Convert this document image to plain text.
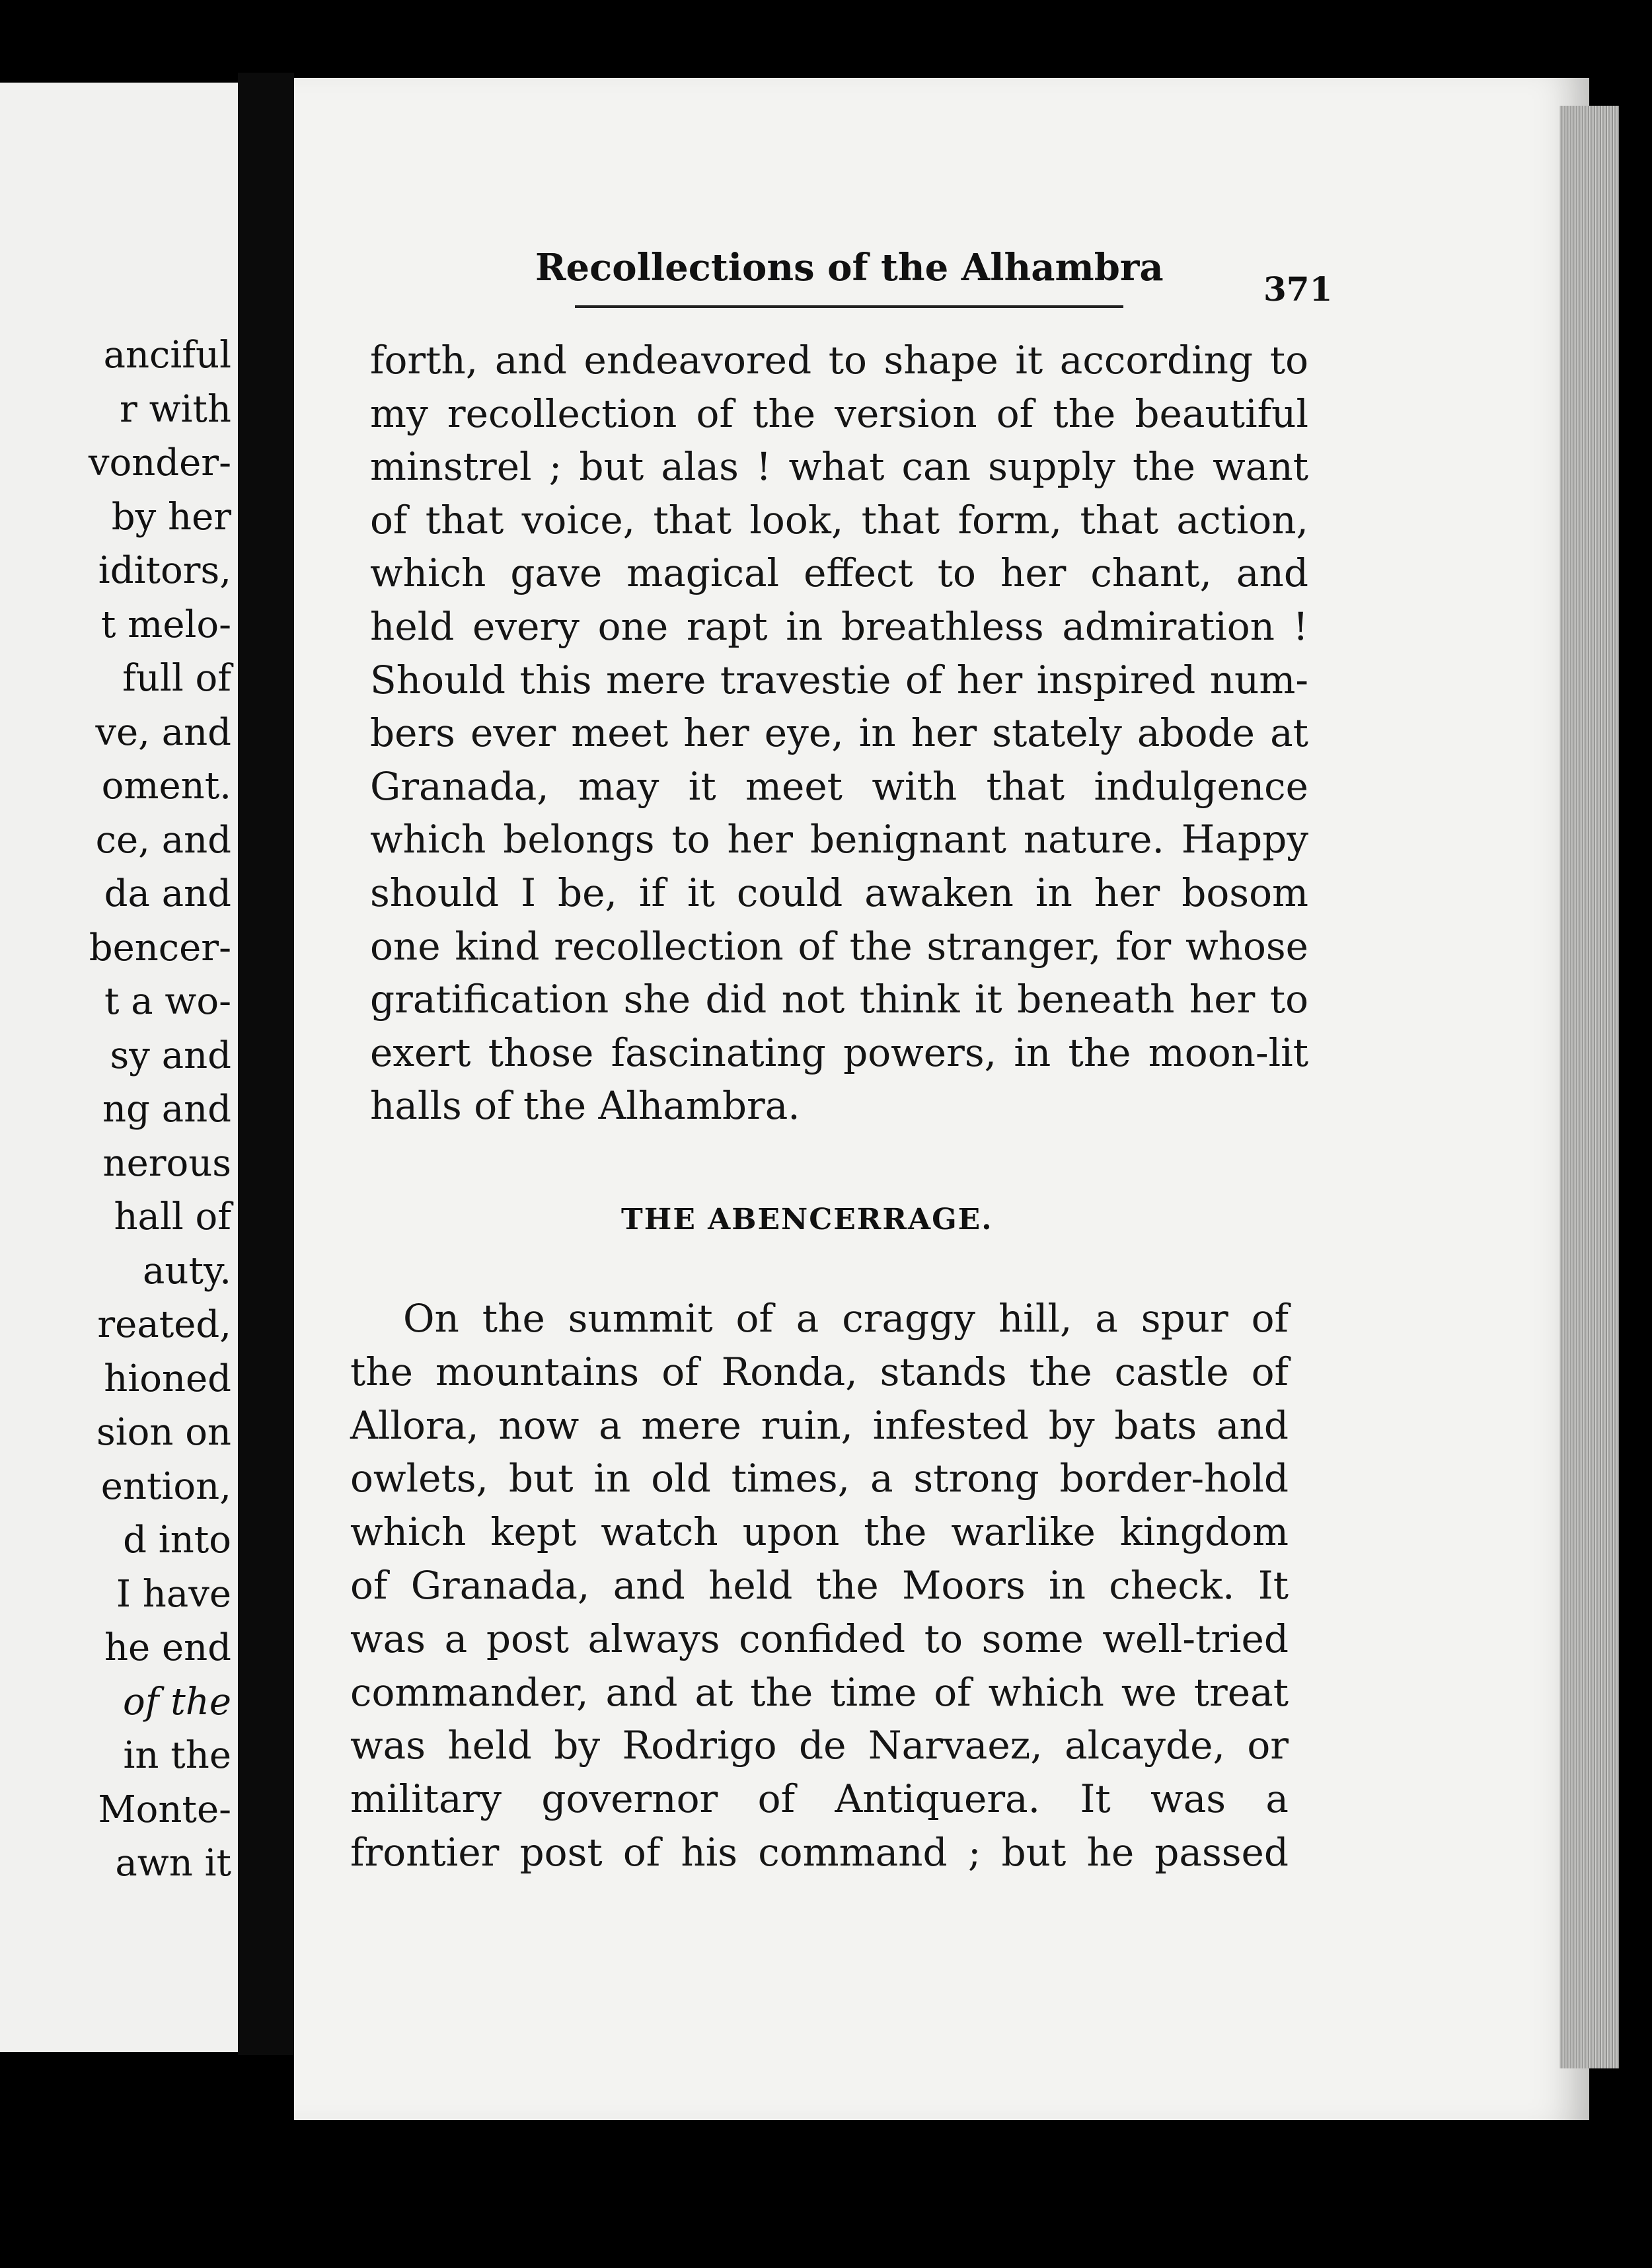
anciful
r with
vonder-
by her
iditors,
t melo-
full of
ve, and
oment.
ce, and
da and
bencer-
t a wo-
sy and
ng and
nerous
hall of
auty.
reated,
hioned
sion on
ention,
d into
I have
he end
of the
in the
Monte-
awn it
Recollections of the Alhambra	371
forth, and endeavored to shape it according to
my recollection of the version of the beautiful
minstrel ; but alas ! what can supply the want
of that voice, that look, that form, that action,
which gave magical effect to her chant, and
held every one rapt in breathless admiration !
Should this mere travestie of her inspired num-
bers ever meet her eye, in her stately abode at
Granada, may it meet with that indulgence
which belongs to her benignant nature. Happy
should I be, if it could awaken in her bosom
one kind recollection of the stranger, for whose
gratification she did not think it beneath her to
exert those fascinating powers, in the moon-lit
halls of the Alhambra.
THE ABENCERRAGE.
On the summit of a craggy hill, a spur of
the mountains of Ronda, stands the castle of
Allora, now a mere ruin, infested by bats and
owlets, but in old times, a strong border-hold
which kept watch upon the warlike kingdom
of Granada, and held the Moors in check. It
was a post always confided to some well-tried
commander, and at the time of which we treat
was held by Rodrigo de Narvaez, alcayde, or
military governor of Antiquera. It was a
frontier post of his command ; but he passed
